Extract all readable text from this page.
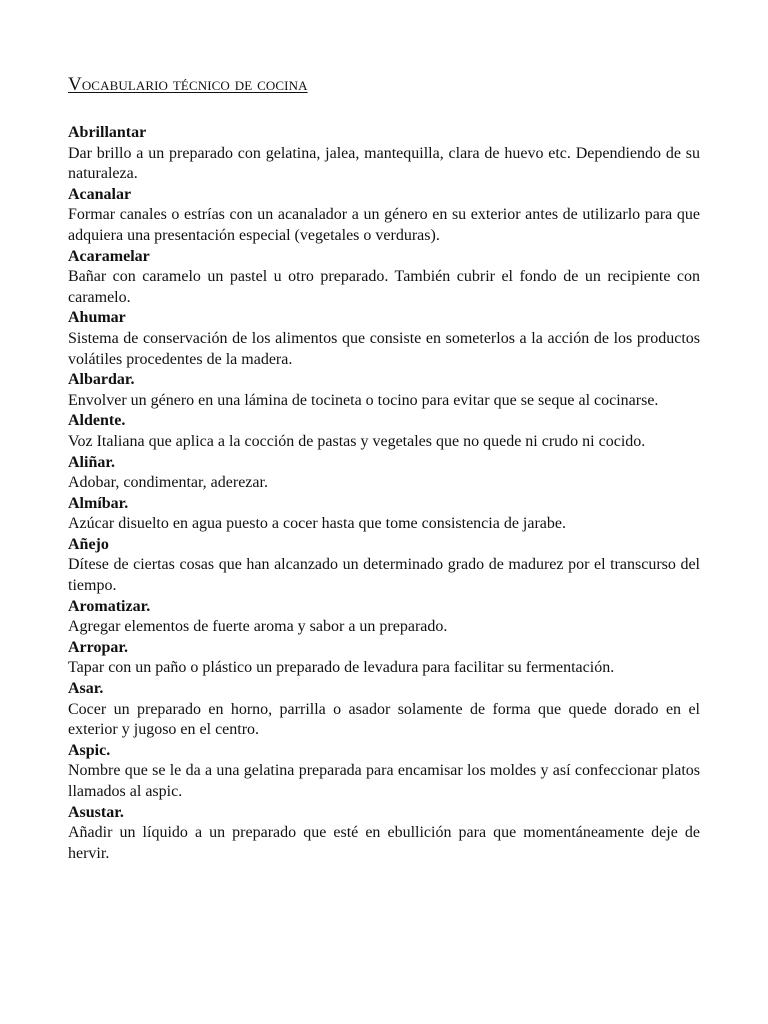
Vocabulario técnico de cocina

Abrillantar

Dar brillo a un preparado con gelatina, jalea, mantequilla, clara de huevo etc. Dependiendo de su naturaleza.

Acanalar

Formar canales o estrías con un acanalador a un género en su exterior antes de utilizarlo para que adquiera una presentación especial (vegetales o verduras).

Acaramelar

Bañar con caramelo un pastel u otro preparado. También cubrir el fondo de un recipiente con caramelo.

Ahumar

Sistema de conservación de los alimentos que consiste en someterlos a la acción de los productos volátiles procedentes de la madera.

Albardar.

Envolver un género en una lámina de tocineta o tocino para evitar que se seque al cocinarse.

Aldente.

Voz Italiana que aplica a la cocción de pastas y vegetales que no quede ni crudo ni cocido.

Aliñar.

Adobar, condimentar, aderezar.

Almíbar.

Azúcar disuelto en agua puesto a cocer hasta que tome consistencia de jarabe.

Añejo

Dítese de ciertas cosas que han alcanzado un determinado grado de madurez por el transcurso del tiempo.

Aromatizar.

Agregar elementos de fuerte aroma y sabor a un preparado.

Arropar.

Tapar con un paño o plástico un preparado de levadura para facilitar su fermentación.

Asar.

Cocer un preparado en horno, parrilla o asador solamente de forma que quede dorado en el exterior y jugoso en el centro.

Aspic.

Nombre que se le da a una gelatina preparada para encamisar los moldes y así confeccionar platos llamados al aspic.

Asustar.

Añadir un líquido a un preparado que esté en ebullición para que momentáneamente deje de hervir.
